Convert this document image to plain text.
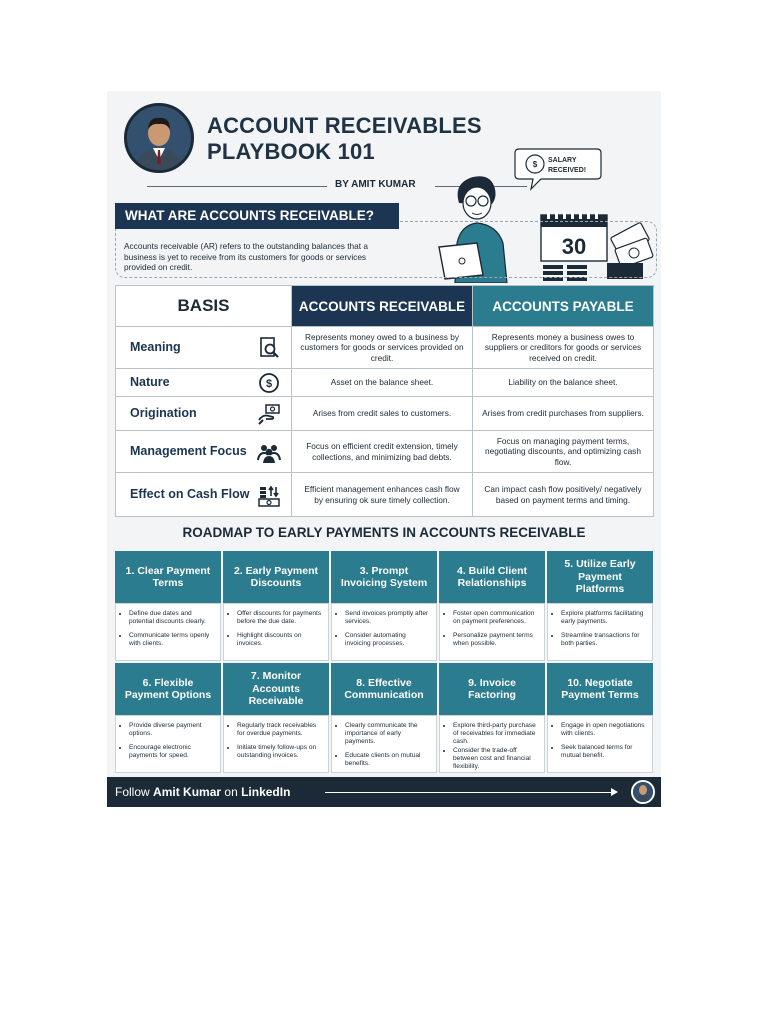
ACCOUNT RECEIVABLES
PLAYBOOK 101
BY AMIT KUMAR
$ SALARY
RECEIVED!
30
WHAT ARE ACCOUNTS RECEIVABLE?

Accounts receivable (AR) refers to the outstanding balances that a business is yet to receive from its customers for goods or services provided on credit.

BASIS	ACCOUNTS RECEIVABLE	ACCOUNTS PAYABLE
Meaning	Represents money owed to a business by customers for goods or services provided on credit.	Represents money a business owes to suppliers or creditors for goods or services received on credit.
Nature $	Asset on the balance sheet.	Liability on the balance sheet.
Origination	Arises from credit sales to customers.	Arises from credit purchases from suppliers.
Management Focus	Focus on efficient credit extension, timely collections, and minimizing bad debts.	Focus on managing payment terms, negotiating discounts, and optimizing cash flow.
Effect on Cash Flow	Efficient management enhances cash flow by ensuring ok sure timely collection.	Can impact cash flow positively/ negatively based on payment terms and timing.
ROADMAP TO EARLY PAYMENTS IN ACCOUNTS RECEIVABLE
1. Clear Payment Terms
2. Early Payment Discounts
3. Prompt Invoicing System
4. Build Client Relationships
5. Utilize Early Payment Platforms
• Define due dates and potential discounts clearly.
• Communicate terms openly with clients.
• Offer discounts for payments before the due date.
• Highlight discounts on invoices.
• Send invoices promptly after services.
• Consider automating invoicing processes.
• Foster open communication on payment preferences.
• Personalize payment terms when possible.
• Explore platforms facilitating early payments.
• Streamline transactions for both parties.
6. Flexible Payment Options
7. Monitor Accounts Receivable
8. Effective Communication
9. Invoice Factoring
10. Negotiate Payment Terms
• Provide diverse payment options.
• Encourage electronic payments for speed.
• Regularly track receivables for overdue payments.
• Initiate timely follow-ups on outstanding invoices.
• Clearly communicate the importance of early payments.
• Educate clients on mutual benefits.
• Explore third-party purchase of receivables for immediate cash.
• Consider the trade-off between cost and financial flexibility.
• Engage in open negotiations with clients.
• Seek balanced terms for mutual benefit.
Follow Amit Kumar on LinkedIn
